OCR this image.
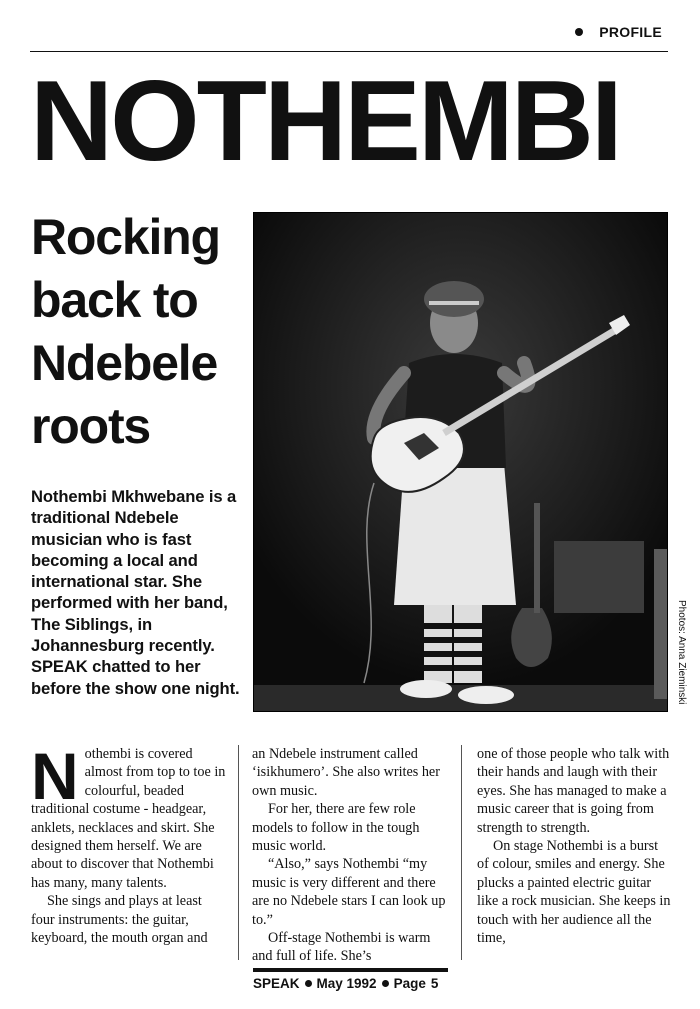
PROFILE
NOTHEMBI
Rocking
back to
Ndebele
roots
Nothembi Mkhwebane is a traditional Ndebele musician who is fast becoming a local and international star. She performed with her band, The Siblings, in Johannesburg recently. SPEAK chatted to her before the show one night.	Photos: Anna Zieminski

Nothembi is covered almost from top to toe in colourful, beaded traditional costume - headgear, anklets, necklaces and skirt. She designed them herself. We are about to discover that Nothembi has many, many talents.

She sings and plays at least four instruments: the guitar, keyboard, the mouth organ and

an Ndebele instrument called ‘isikhumero’. She also writes her own music.

For her, there are few role models to follow in the tough music world.

“Also,” says Nothembi “my music is very different and there are no Ndebele stars I can look up to.”

Off-stage Nothembi is warm and full of life. She’s

one of those people who talk with their hands and laugh with their eyes. She has managed to make a music career that is going from strength to strength.

On stage Nothembi is a burst of colour, smiles and energy. She plucks a painted electric guitar like a rock musician. She keeps in touch with her audience all the time,

SPEAK May 1992 Page 5
